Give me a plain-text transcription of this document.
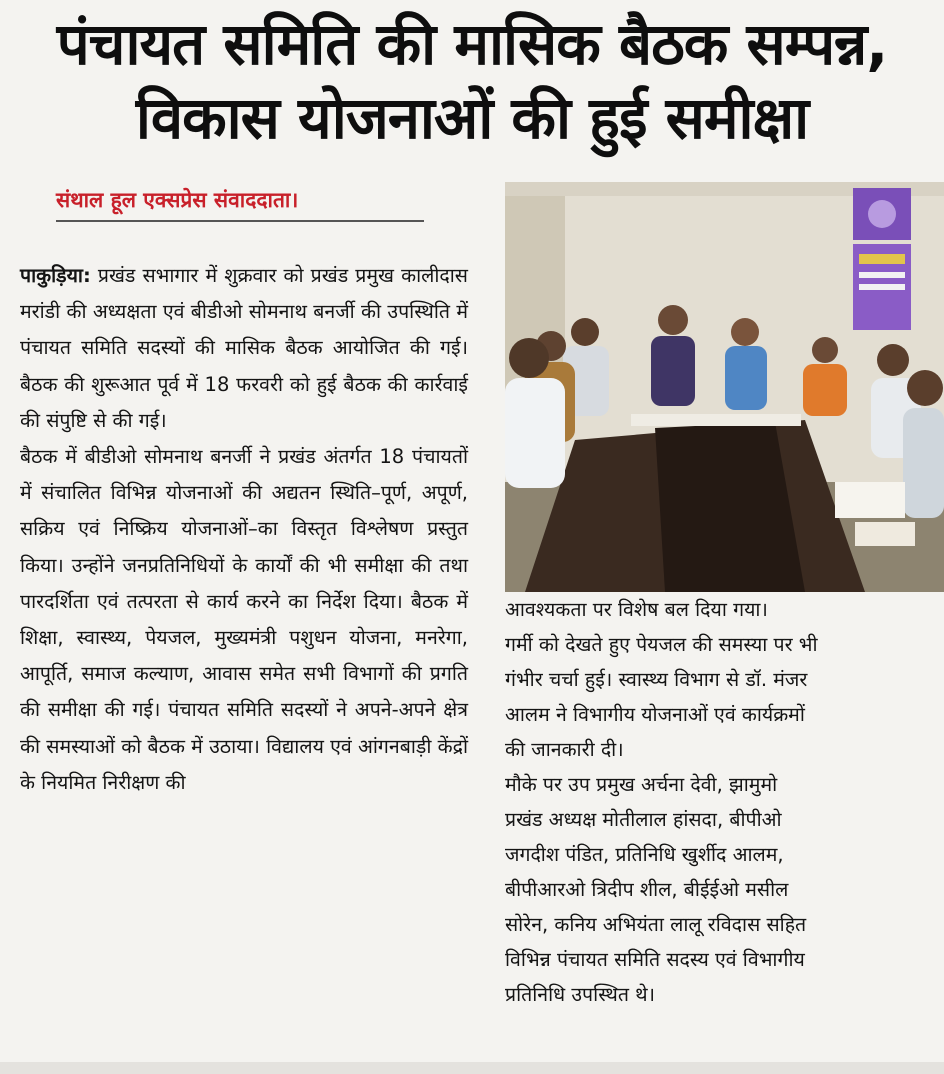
पंचायत समिति की मासिक बैठक सम्पन्न,
विकास योजनाओं की हुई समीक्षा
संथाल हूल एक्सप्रेस संवाददाता।

पाकुड़िया: प्रखंड सभागार में शुक्रवार को प्रखंड प्रमुख कालीदास मरांडी की अध्यक्षता एवं बीडीओ सोमनाथ बनर्जी की उपस्थिति में पंचायत समिति सदस्यों की मासिक बैठक आयोजित की गई। बैठक की शुरूआत पूर्व में 18 फरवरी को हुई बैठक की कार्रवाई की संपुष्टि से की गई।

बैठक में बीडीओ सोमनाथ बनर्जी ने प्रखंड अंतर्गत 18 पंचायतों में संचालित विभिन्न योजनाओं की अद्यतन स्थिति–पूर्ण, अपूर्ण, सक्रिय एवं निष्क्रिय योजनाओं–का विस्तृत विश्लेषण प्रस्तुत किया। उन्होंने जनप्रतिनिधियों के कार्यों की भी समीक्षा की तथा पारदर्शिता एवं तत्परता से कार्य करने का निर्देश दिया। बैठक में शिक्षा, स्वास्थ्य, पेयजल, मुख्यमंत्री पशुधन योजना, मनरेगा, आपूर्ति, समाज कल्याण, आवास समेत सभी विभागों की प्रगति की समीक्षा की गई। पंचायत समिति सदस्यों ने अपने-अपने क्षेत्र की समस्याओं को बैठक में उठाया। विद्यालय एवं आंगनबाड़ी केंद्रों के नियमित निरीक्षण की

आवश्यकता पर विशेष बल दिया गया।

गर्मी को देखते हुए पेयजल की समस्या पर भी

गंभीर चर्चा हुई। स्वास्थ्य विभाग से डॉ. मंजर

आलम ने विभागीय योजनाओं एवं कार्यक्रमों

की जानकारी दी।

मौके पर उप प्रमुख अर्चना देवी, झामुमो

प्रखंड अध्यक्ष मोतीलाल हांसदा, बीपीओ

जगदीश पंडित, प्रतिनिधि खुर्शीद आलम,

बीपीआरओ त्रिदीप शील, बीईईओ मसील

सोरेन, कनिय अभियंता लालू रविदास सहित

विभिन्न पंचायत समिति सदस्य एवं विभागीय

प्रतिनिधि उपस्थित थे।
